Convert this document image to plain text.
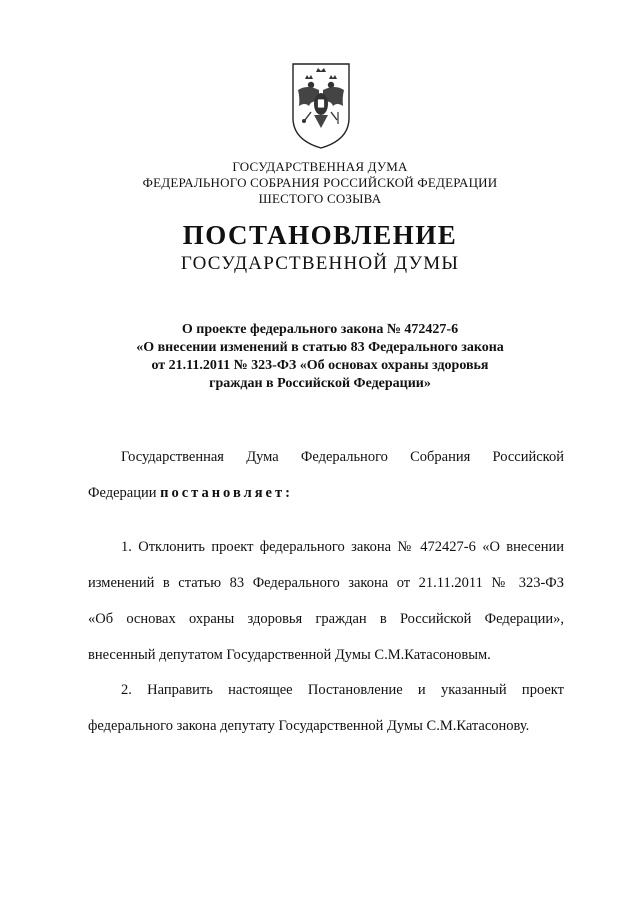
ГОСУДАРСТВЕННАЯ ДУМА
ФЕДЕРАЛЬНОГО СОБРАНИЯ РОССИЙСКОЙ ФЕДЕРАЦИИ
ШЕСТОГО СОЗЫВА
ПОСТАНОВЛЕНИЕ
ГОСУДАРСТВЕННОЙ ДУМЫ
О проекте федерального закона № 472427-6
«О внесении изменений в статью 83 Федерального закона
от 21.11.2011 № 323-ФЗ «Об основах охраны здоровья
граждан в Российской Федерации»
Государственная Дума Федерального Собрания Российской
Федерации постановляет:
1. Отклонить проект федерального закона № 472427-6 «О внесении
изменений в статью 83 Федерального закона от 21.11.2011 № 323-ФЗ
«Об основах охраны здоровья граждан в Российской Федерации»,
внесенный депутатом Государственной Думы С.М.Катасоновым.
2. Направить настоящее Постановление и указанный проект
федерального закона депутату Государственной Думы С.М.Катасонову.
